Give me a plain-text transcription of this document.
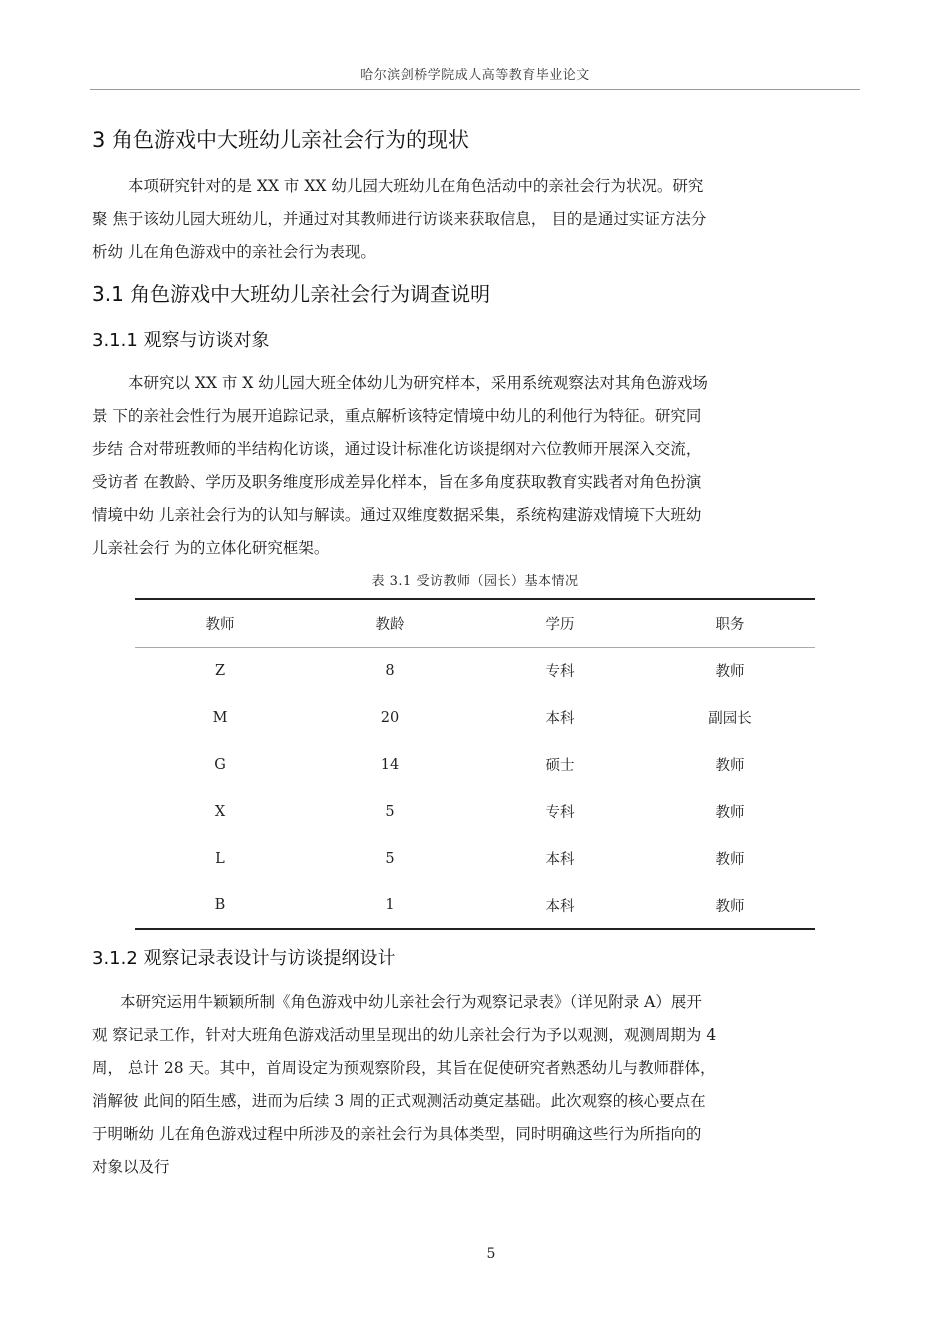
哈尔滨剑桥学院成人高等教育毕业论文
3 角色游戏中大班幼儿亲社会行为的现状
本项研究针对的是 XX 市 XX 幼儿园大班幼儿在角色活动中的亲社会行为状况。研究
聚 焦于该幼儿园大班幼儿，并通过对其教师进行访谈来获取信息， 目的是通过实证方法分
析幼 儿在角色游戏中的亲社会行为表现。
3.1 角色游戏中大班幼儿亲社会行为调查说明
3.1.1 观察与访谈对象
本研究以 XX 市 X 幼儿园大班全体幼儿为研究样本，采用系统观察法对其角色游戏场
景 下的亲社会性行为展开追踪记录，重点解析该特定情境中幼儿的利他行为特征。研究同
步结 合对带班教师的半结构化访谈，通过设计标准化访谈提纲对六位教师开展深入交流，
受访者 在教龄、学历及职务维度形成差异化样本，旨在多角度获取教育实践者对角色扮演
情境中幼 儿亲社会行为的认知与解读。通过双维度数据采集，系统构建游戏情境下大班幼
儿亲社会行 为的立体化研究框架。
表 3.1 受访教师（园长）基本情况
教师	教龄	学历	职务
Z	8	专科	教师
M	20	本科	副园长
G	14	硕士	教师
X	5	专科	教师
L	5	本科	教师
B	1	本科	教师
3.1.2 观察记录表设计与访谈提纲设计
本研究运用牛颖颖所制《角色游戏中幼儿亲社会行为观察记录表》（详见附录 A）展开
观 察记录工作，针对大班角色游戏活动里呈现出的幼儿亲社会行为予以观测，观测周期为 4
周， 总计 28 天。其中，首周设定为预观察阶段，其旨在促使研究者熟悉幼儿与教师群体，
消解彼 此间的陌生感，进而为后续 3 周的正式观测活动奠定基础。此次观察的核心要点在
于明晰幼 儿在角色游戏过程中所涉及的亲社会行为具体类型，同时明确这些行为所指向的
对象以及行
5
